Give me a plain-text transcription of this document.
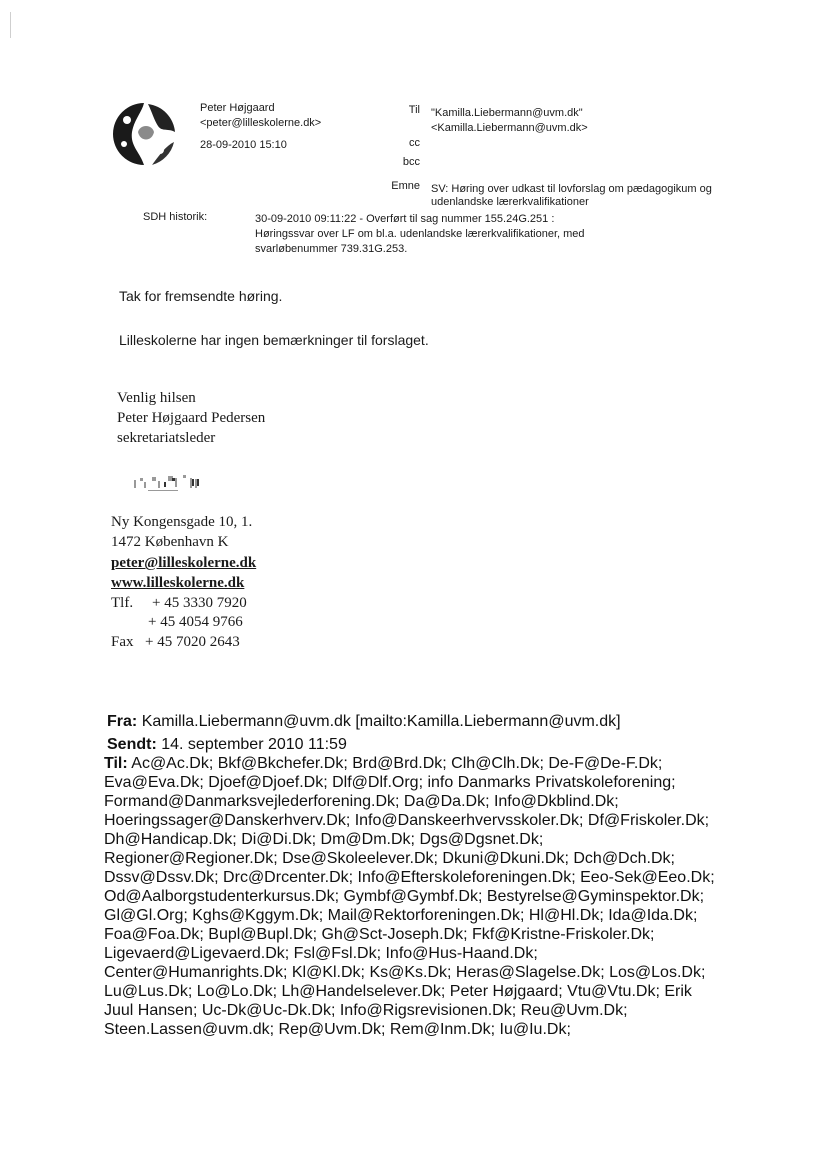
Peter Højgaard
<peter@lilleskolerne.dk>
28-09-2010 15:10
Til
cc
bcc
Emne
"Kamilla.Liebermann@uvm.dk"
<Kamilla.Liebermann@uvm.dk>
SV: Høring over udkast til lovforslag om pædagogikum og
udenlandske lærerkvalifikationer
SDH historik:	30-09-2010 09:11:22 - Overført til sag nummer 155.24G.251 :
Høringssvar over LF om bl.a. udenlandske lærerkvalifikationer, med
svarløbenummer 739.31G.253.
Tak for fremsendte høring.
Lilleskolerne har ingen bemærkninger til forslaget.
Venlig hilsen
Peter Højgaard Pedersen
sekretariatsleder
Ny Kongensgade 10, 1.
1472 København K
peter@lilleskolerne.dk
www.lilleskolerne.dk
Tlf. + 45 3330 7920
+ 45 4054 9766
Fax + 45 7020 2643
Fra: Kamilla.Liebermann@uvm.dk [mailto:Kamilla.Liebermann@uvm.dk]
Sendt: 14. september 2010 11:59
Til: Ac@Ac.Dk; Bkf@Bkchefer.Dk; Brd@Brd.Dk; Clh@Clh.Dk; De-F@De-F.Dk;
Eva@Eva.Dk; Djoef@Djoef.Dk; Dlf@Dlf.Org; info Danmarks Privatskoleforening;
Formand@Danmarksvejlederforening.Dk; Da@Da.Dk; Info@Dkblind.Dk;
Hoeringssager@Danskerhverv.Dk; Info@Danskeerhvervsskoler.Dk; Df@Friskoler.Dk;
Dh@Handicap.Dk; Di@Di.Dk; Dm@Dm.Dk; Dgs@Dgsnet.Dk;
Regioner@Regioner.Dk; Dse@Skoleelever.Dk; Dkuni@Dkuni.Dk; Dch@Dch.Dk;
Dssv@Dssv.Dk; Drc@Drcenter.Dk; Info@Efterskoleforeningen.Dk; Eeo-Sek@Eeo.Dk;
Od@Aalborgstudenterkursus.Dk; Gymbf@Gymbf.Dk; Bestyrelse@Gyminspektor.Dk;
Gl@Gl.Org; Kghs@Kggym.Dk; Mail@Rektorforeningen.Dk; Hl@Hl.Dk; Ida@Ida.Dk;
Foa@Foa.Dk; Bupl@Bupl.Dk; Gh@Sct-Joseph.Dk; Fkf@Kristne-Friskoler.Dk;
Ligevaerd@Ligevaerd.Dk; Fsl@Fsl.Dk; Info@Hus-Haand.Dk;
Center@Humanrights.Dk; Kl@Kl.Dk; Ks@Ks.Dk; Heras@Slagelse.Dk; Los@Los.Dk;
Lu@Lus.Dk; Lo@Lo.Dk; Lh@Handelselever.Dk; Peter Højgaard; Vtu@Vtu.Dk; Erik
Juul Hansen; Uc-Dk@Uc-Dk.Dk; Info@Rigsrevisionen.Dk; Reu@Uvm.Dk;
Steen.Lassen@uvm.dk; Rep@Uvm.Dk; Rem@Inm.Dk; Iu@Iu.Dk;
